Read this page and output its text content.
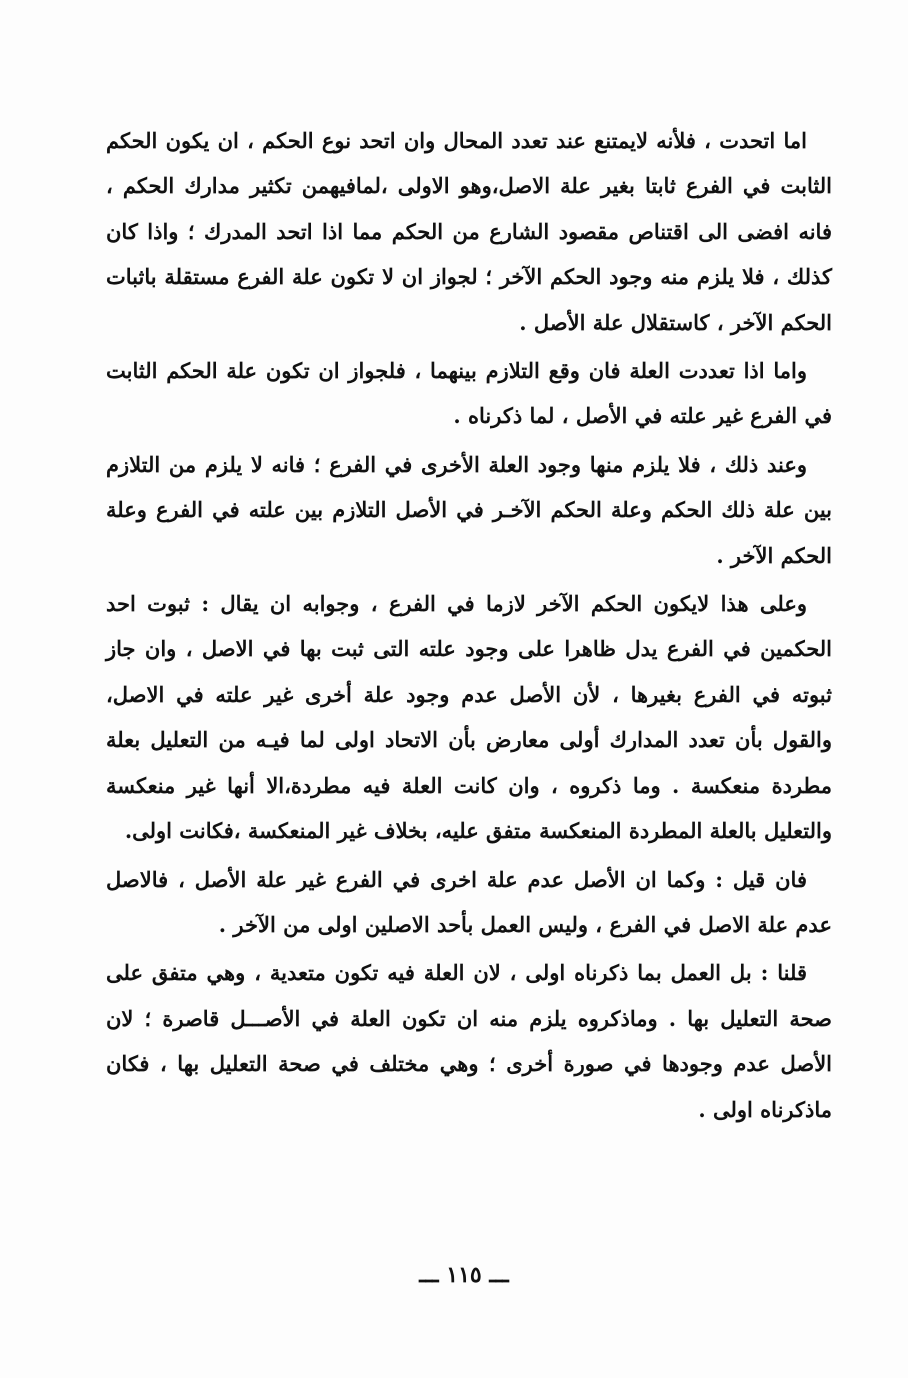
اما اتحدت ، فلأنه لايمتنع عند تعدد المحال وان اتحد نوع الحكم ، ان يكون الحكم الثابت في الفرع ثابتا بغير علة الاصل،وهو الاولى ،لمافيهمن تكثير مدارك الحكم ، فانه افضى الى اقتناص مقصود الشارع من الحكم مما اذا اتحد المدرك ؛ واذا كان كذلك ، فلا يلزم منه وجود الحكم الآخر ؛ لجواز ان لا تكون علة الفرع مستقلة باثبات الحكم الآخر ، كاستقلال علة الأصل .

واما اذا تعددت العلة فان وقع التلازم بينهما ، فلجواز ان تكون علة الحكم الثابت في الفرع غير علته في الأصل ، لما ذكرناه .

وعند ذلك ، فلا يلزم منها وجود العلة الأخرى في الفرع ؛ فانه لا يلزم من التلازم بين علة ذلك الحكم وعلة الحكم الآخـر في الأصل التلازم بين علته في الفرع وعلة الحكم الآخر .

وعلى هذا لايكون الحكم الآخر لازما في الفرع ، وجوابه ان يقال : ثبوت احد الحكمين في الفرع يدل ظاهرا على وجود علته التى ثبت بها في الاصل ، وان جاز ثبوته في الفرع بغيرها ، لأن الأصل عدم وجود علة أخرى غير علته في الاصل، والقول بأن تعدد المدارك أولى معارض بأن الاتحاد اولى لما فيـه من التعليل بعلة مطردة منعكسة . وما ذكروه ، وان كانت العلة فيه مطردة،الا أنها غير منعكسة والتعليل بالعلة المطردة المنعكسة متفق عليه، بخلاف غير المنعكسة ،فكانت اولى.

فان قيل : وكما ان الأصل عدم علة اخرى في الفرع غير علة الأصل ، فالاصل عدم علة الاصل في الفرع ، وليس العمل بأحد الاصلين اولى من الآخر .

قلنا : بل العمل بما ذكرناه اولى ، لان العلة فيه تكون متعدية ، وهي متفق على صحة التعليل بها . وماذكروه يلزم منه ان تكون العلة في الأصـــل قاصرة ؛ لان الأصل عدم وجودها في صورة أخرى ؛ وهي مختلف في صحة التعليل بها ، فكان ماذكرناه اولى .

ـــ ١١٥ ـــ
